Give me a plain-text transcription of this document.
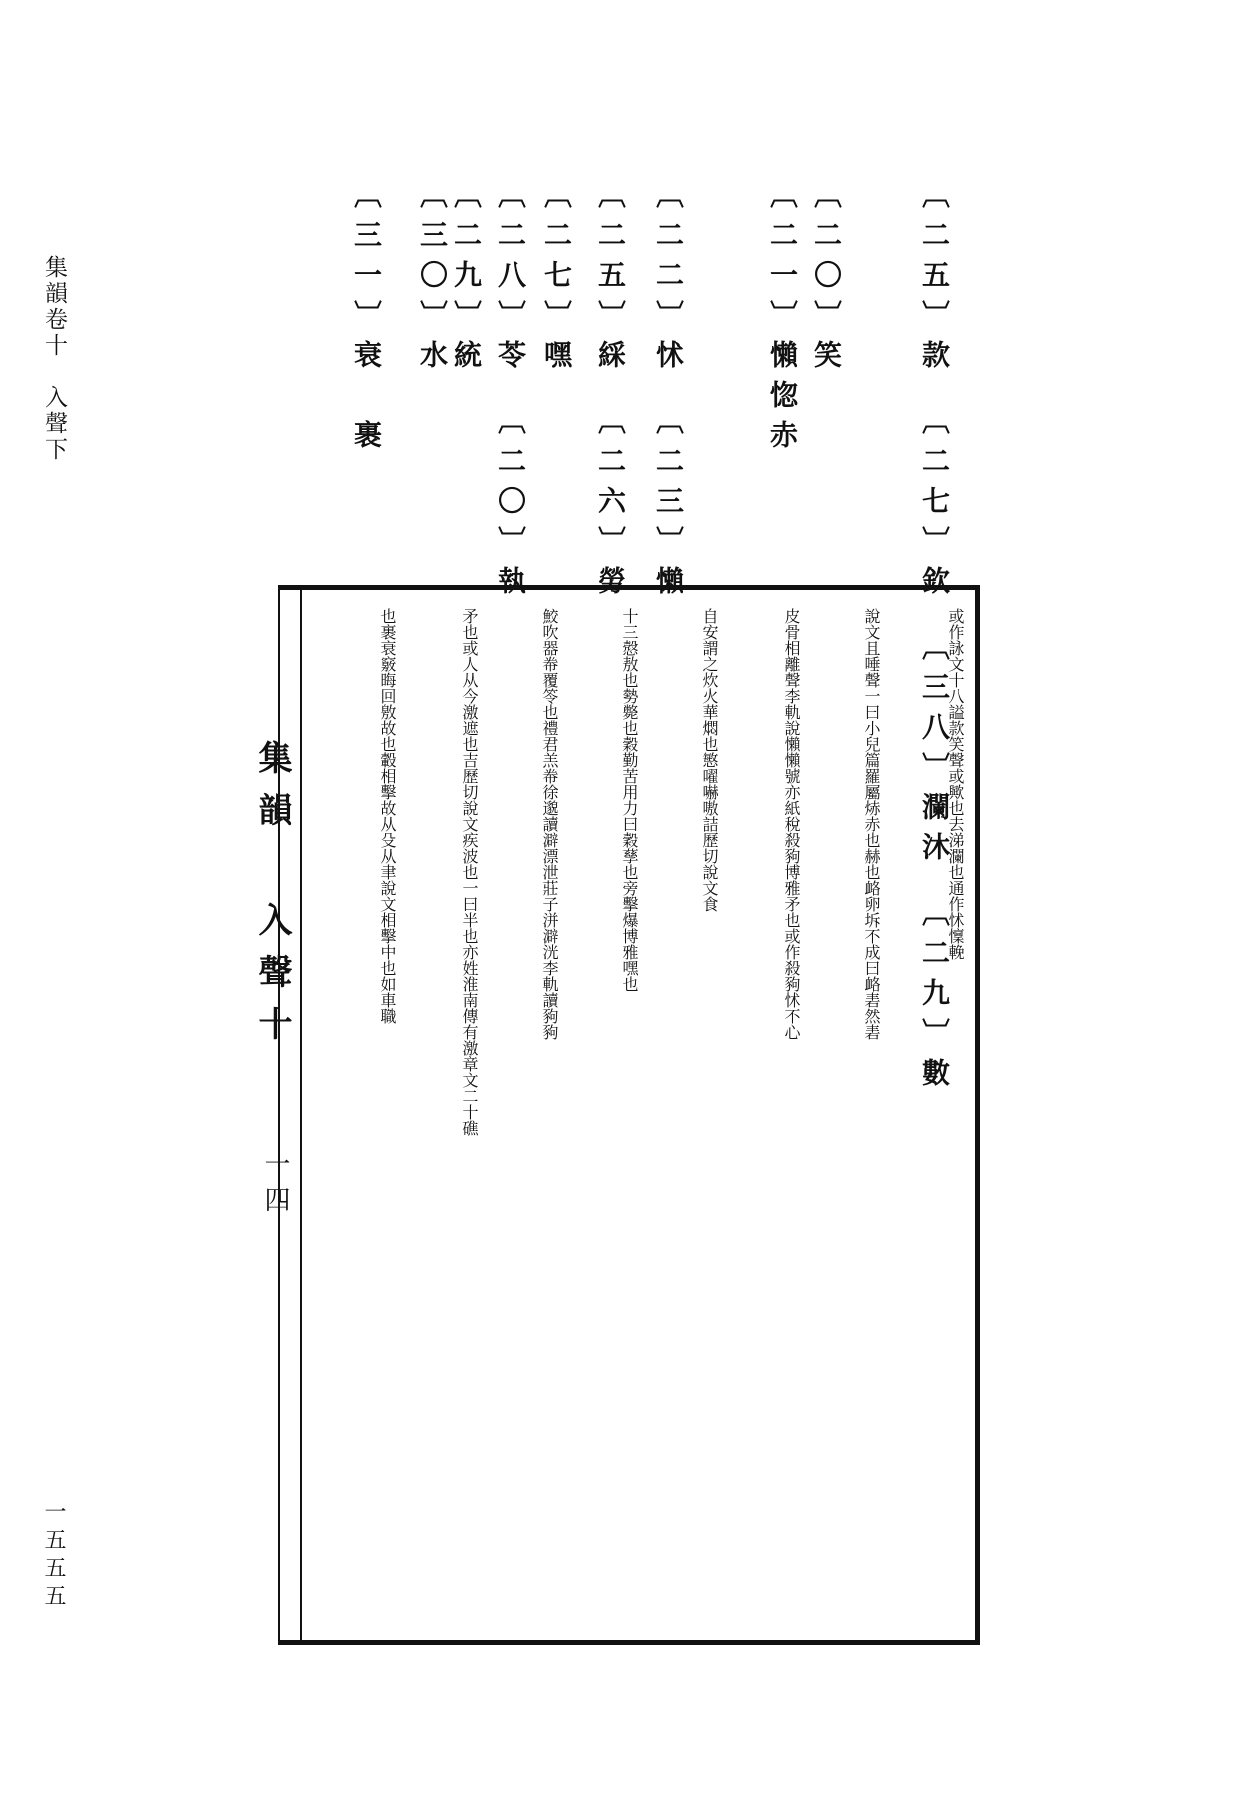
集韻卷十　入聲下
一五五五
〔二五〕款　〔二七〕欽　〔三八〕瀾沐　〔二九〕數
〔二〇〕笑
〔二一〕懶惚赤
〔二二〕怵　〔二三〕懶
〔二五〕綵　〔二六〕勞
〔二七〕嘿
〔二八〕苓　〔二〇〕執
〔二九〕統
〔三〇〕水
〔三一〕衰　裹
集韻 入聲十
一四
或作詠文十八謚款笑聲或歟也去涕瀾也通作怵懍輓
說文且唾聲一曰小兒篇羅屬焃赤也赫也衉卵坼不成曰衉砉然砉
皮骨相離聲李軌說懶懶號亦紙稅殺豞博雅矛也或作殺豞怵不心
自安謂之炊火華燜也慜嚁嚇嗷詰歷切說文食
十三慤敖也勢斃也穀勤苦用力曰穀孶也旁擊爆博雅嘿也
鮫吹器帣覆笭也禮君羔帣徐邈讀澼漂泄莊子洴澼洸李軌讀豞豞
矛也或人从今激遮也吉歷切說文疾波也一曰半也亦姓淮南傳有激章文二十礁
也裹衰竅晦回敫故也轂相擊故从殳从聿說文相擊中也如車職
